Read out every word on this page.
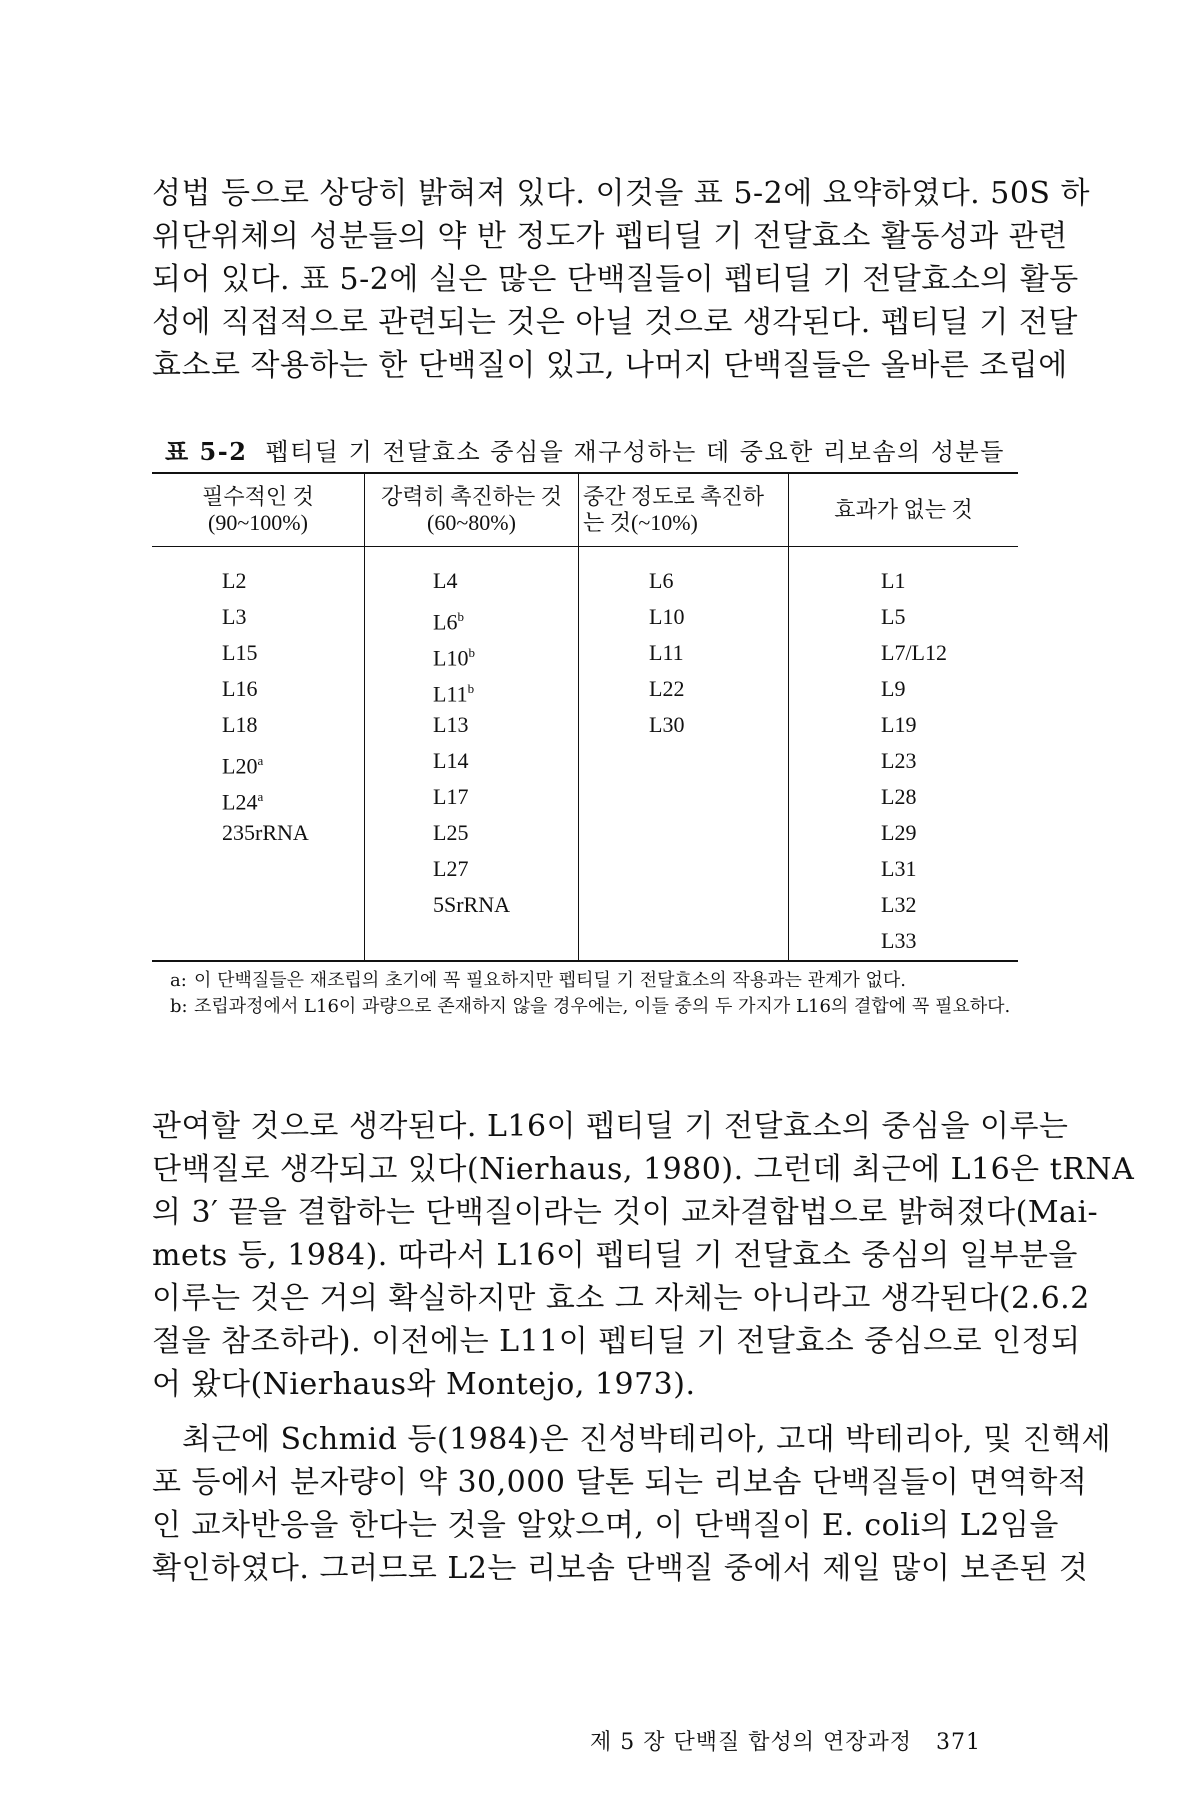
성법 등으로 상당히 밝혀져 있다. 이것을 표 5-2에 요약하였다. 50S 하
위단위체의 성분들의 약 반 정도가 펩티딜 기 전달효소 활동성과 관련
되어 있다. 표 5-2에 실은 많은 단백질들이 펩티딜 기 전달효소의 활동
성에 직접적으로 관련되는 것은 아닐 것으로 생각된다. 펩티딜 기 전달
효소로 작용하는 한 단백질이 있고, 나머지 단백질들은 올바른 조립에
표 5-2 펩티딜 기 전달효소 중심을 재구성하는 데 중요한 리보솜의 성분들
필수적인 것
(90~100%)
강력히 촉진하는 것
(60~80%)
중간 정도로 촉진하
는 것(~10%)
효과가 없는 것
L2
L3
L15
L16
L18
L20$^a$
L24$^a$
235rRNA
L4
L6$^b$
L10$^b$
L11$^b$
L13
L14
L17
L25
L27
5SrRNA
L6
L10
L11
L22
L30
L1
L5
L7/L12
L9
L19
L23
L28
L29
L31
L32
L33
a: 이 단백질들은 재조립의 초기에 꼭 필요하지만 펩티딜 기 전달효소의 작용과는 관계가 없다.
b: 조립과정에서 L16이 과량으로 존재하지 않을 경우에는, 이들 중의 두 가지가 L16의 결합에 꼭 필요하다.
관여할 것으로 생각된다. L16이 펩티딜 기 전달효소의 중심을 이루는
단백질로 생각되고 있다(Nierhaus, 1980). 그런데 최근에 L16은 tRNA
의 3′ 끝을 결합하는 단백질이라는 것이 교차결합법으로 밝혀졌다(Mai-
mets 등, 1984). 따라서 L16이 펩티딜 기 전달효소 중심의 일부분을
이루는 것은 거의 확실하지만 효소 그 자체는 아니라고 생각된다(2.6.2
절을 참조하라). 이전에는 L11이 펩티딜 기 전달효소 중심으로 인정되
어 왔다(Nierhaus와 Montejo, 1973).
최근에 Schmid 등(1984)은 진성박테리아, 고대 박테리아, 및 진핵세
포 등에서 분자량이 약 30,000 달톤 되는 리보솜 단백질들이 면역학적
인 교차반응을 한다는 것을 알았으며, 이 단백질이 E. coli의 L2임을
확인하였다. 그러므로 L2는 리보솜 단백질 중에서 제일 많이 보존된 것
제 5 장 단백질 합성의 연장과정 371
